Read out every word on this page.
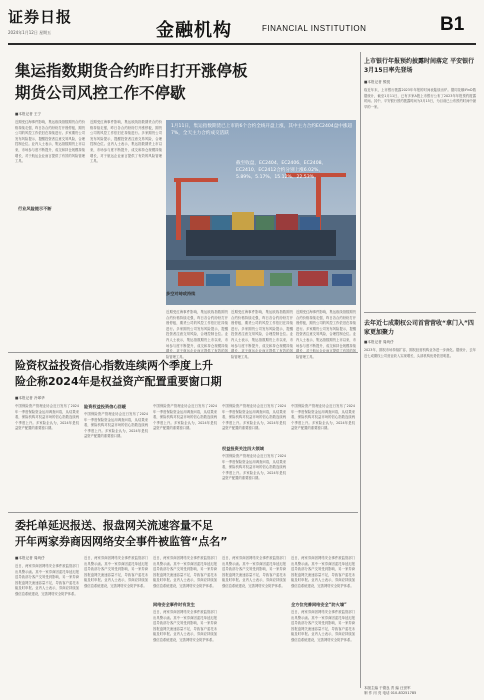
证券日报
2024年1月12日 星期五	金融机构	FINANCIAL INSTITUTION	B1
集运指数期货合约昨日打开涨停板
期货公司风控工作不停歇
■本报记者 王宁
近期受红海事件影响，集运欧线指数期货合约价格持续走强，昨日各合约纷纷打开涨停板，期货公司的风控工作依旧在持续进行。多家期货公司发布风险提示，提醒投资者注意交易风险，合理控制仓位。业内人士表示，集运指数期货上市以来，市场参与度不断提升，成交和持仓规模持续增长，对于航运企业而言提供了有效的风险管理工具。
行业风险提示不断
近期受红海事件影响，集运欧线指数期货合约价格持续走强，昨日各合约纷纷打开涨停板，期货公司的风控工作依旧在持续进行。多家期货公司发布风险提示，提醒投资者注意交易风险，合理控制仓位。业内人士表示，集运指数期货上市以来，市场参与度不断提升，成交和持仓规模持续增长，对于航运企业而言提供了有效的风险管理工具。
1月11日，集运指数期货已上市的6个合约全线开盘上涨，其中主力合约EC2404盘中涨超7%，全天主力合约成交活跃
截至收盘，EC2404、EC2406、EC2408、EC2410、EC2412合约分别上涨6.02%、5.89%、5.17%、15.12%、22.53%
近期受红海事件影响，集运欧线指数期货合约价格持续走强，昨日各合约纷纷打开涨停板，期货公司的风控工作依旧在持续进行。多家期货公司发布风险提示，提醒投资者注意交易风险，合理控制仓位。业内人士表示，集运指数期货上市以来，市场参与度不断提升，成交和持仓规模持续 险管理工具。
多空对峙或持续
近期受红海事件影响，集运欧线指数期货合约价格持续走强，昨日各合约纷纷打开涨停板，期货公司的风控工作依旧在持续进行。多家期货公司发布风险提示，提醒投资者注意交易风险，合理控制仓位。业内人士表示，集运指数期货上市以来，市场参与度不断提升，成交和持仓规模持续 险管理工具。
近期受红海事件影响，集运欧线指数期货合约价格持续走强，昨日各合约纷纷打开涨停板，期货公司的风控工作依旧在持续进行。多家期货公司发布风险提示，提醒投资者注意交易风险，合理控制仓位。业内人士表示，集运指数期货上市以来，市场参与度不断提升，成交和持仓规模持续 险管理工具。
上市银行年报预约披露时间落定 平安银行3月15日率先登场
■本报记者 熊悦
临近年末，上市银行披露2023年年报的时间表陆续出炉。据同花顺iFinD数据统计，截至1月11日，已有多家A股上市银行公布了2023年年报预约披露时间。其中，平安银行预约披露时间为3月15日，为目前已公布预约时间中最早的一家。
去年近七成期权公司首营营收“拿门入”四家更加聚力
■本报记者 周尚伃
2023年，期权市场持续扩容，期权经营机构业务进一步深化。据统计，去年近七成期权公司营业收入实现增长，头部机构优势依旧明显。
险资权益投资信心指数连续两个季度上升
险企称2024年是权益资产配置重要窗口期
■本报记者 冷翠华
中国保险资产管理业协会近日发布了2024年一季度保险资金运用调查问卷，从结果来看，保险机构对权益市场的信心指数连续两个季度上升。多家险企认为，2024年是权益资产配置的重要窗口期。
险资权益投资信心回暖
中国保险资产管理业协会近日发布了2024年一季度保险资金运用调查问卷，从结果来看，保险机构对权益市场的信心指数连续两个季度上升。多家险企认为，2024年是权益资产配置的重要窗口期。
中国保险资产管理业协会近日发布了2024年一季度保险资金运用调查问卷，从结果来看，保险机构对权益市场的信心指数连续两个季度上升。多家险企认为，2024年是权益资产配置的重要窗口期。
权益投资关注四大领域
中国保险资产管理业协会近日发布了2024年一季度保险资金运用调查问卷，从结果来看，保险机构对权益市场的信心指数连续两个季度上升。多家险企认为，2024年是权益资产配置的重要窗口期。
中国保险资产管理业协会近日发布了2024年一季度保险资金运用调查问卷，从结果来看，保险机构对权益市场的信心指数连续两个季度上升。多家险企认为，2024年是权益资产配置的重要窗口期。
中国保险资产管理业协会近日发布了2024年一季度保险资金运用调查问卷，从结果来看，保险机构对权益市场的信心指数连续两个季度上升。多家险企认为，2024年是权益资产配置的重要窗口期。
委托单延迟报送、报盘网关流速容量不足
开年两家券商因网络安全事件被监管“点名”
■本报记者 周尚伃
近日，两家券商因网络安全事件被监管部门出具警示函。其中一家券商因委托单延迟报送导致部分客户交易受到影响，另一家券商因报盘网关流速容量不足，导致客户委托未能及时申报。业内人士表示，券商应持续加强信息系统建设，完善网络安全防护体系。
近日，两家券商因网络安全事件被监管部门出具警示函。其中一家券商因委托单延迟报送导致部分客户交易受到影响，另一家券商因报盘网关流速容量不足，导致客户委托未能及时申报。业内人士表示，券商应持续加强信息系统建设，完善网络安全防护体系。
网络安全事件时有发生
近日，两家券商因网络安全事件被监管部门出具警示函。其中一家券商因委托单延迟报送导致部分客户交易受到影响，另一家券商因报盘网关流速容量不足，导致客户委托未能及时申报。业内人士表示，券商应持续加强信息系统建设，完善网络安全防护体系。
近日，两家券商因网络安全事件被监管部门出具警示函。其中一家券商因委托单延迟报送导致部分客户交易受到影响，另一家券商因报盘网关流速容量不足，导致客户委托未能及时申报。业内人士表示，券商应持续加强信息系统建设，完善网络安全防护体系。
近日，两家券商因网络安全事件被监管部门出具警示函。其中一家券商因委托单延迟报送导致部分客户交易受到影响，另一家券商因报盘网关流速容量不足，导致客户委托未能及时申报。业内人士表示，券商应持续加强信息系统建设，完善网络安全防护体系。
全方位完善网络安全“防火墙”
近日，两家券商因网络安全事件被监管部门出具警示函。其中一家券商因委托单延迟报送导致部分客户交易受到影响，另一家券商因报盘网关流速容量不足，导致客户委托未能及时申报。业内人士表示，券商应持续加强信息系统建设，完善网络安全防护体系。
近日，两家券商因网络安全事件被监管部门出具警示函。其中一家券商因委托单延迟报送导致部分客户交易受到影响，另一家券商因报盘网关流速容量不足，导致客户委托未能及时申报。业内人士表示，券商应持续加强信息系统建设，完善网络安全防护体系。
本版主编 于德良 责 编 汪世军
制 作 闫 亮 电话 010-83251785
